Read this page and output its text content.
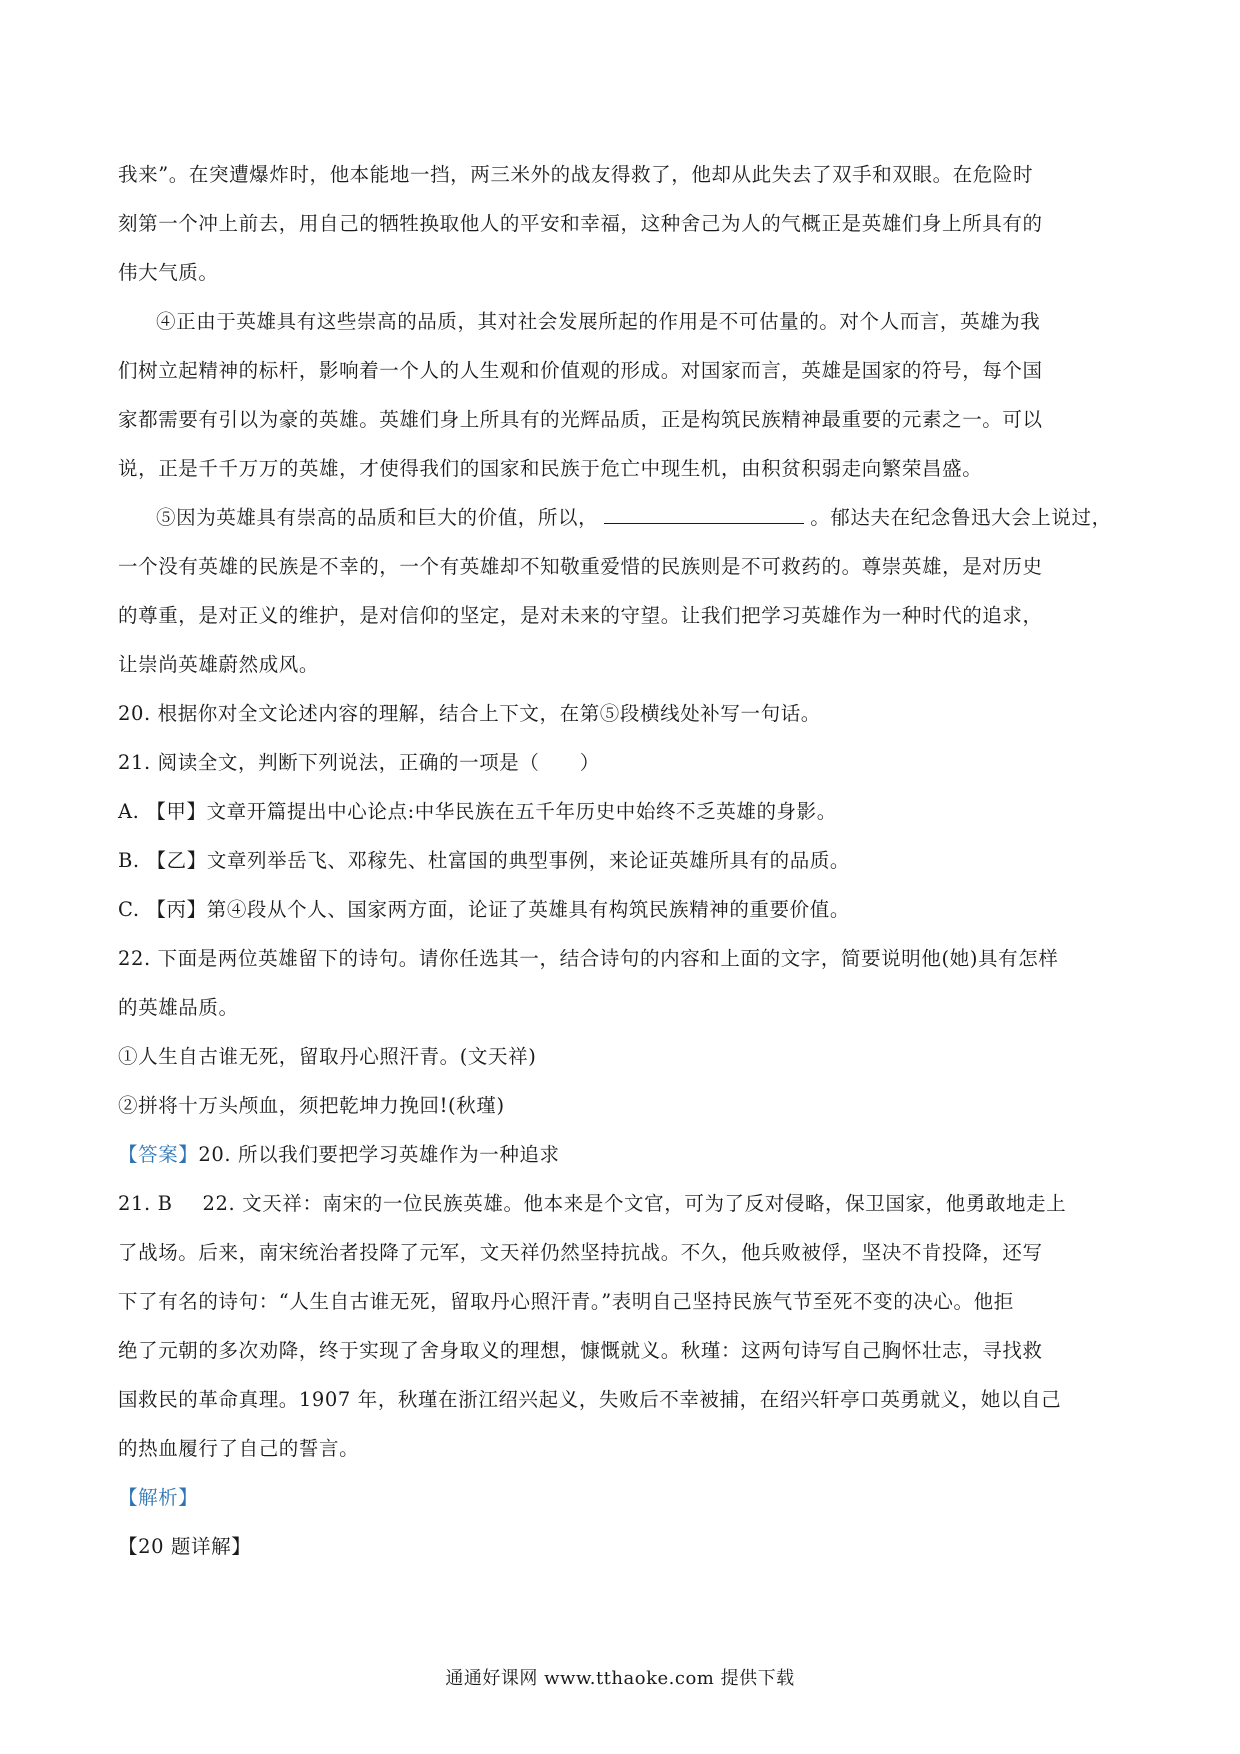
我来”。在突遭爆炸时，他本能地一挡，两三米外的战友得救了，他却从此失去了双手和双眼。在危险时
刻第一个冲上前去，用自己的牺牲换取他人的平安和幸福，这种舍己为人的气概正是英雄们身上所具有的
伟大气质。
④正由于英雄具有这些崇高的品质，其对社会发展所起的作用是不可估量的。对个人而言，英雄为我
们树立起精神的标杆，影响着一个人的人生观和价值观的形成。对国家而言，英雄是国家的符号，每个国
家都需要有引以为豪的英雄。英雄们身上所具有的光辉品质，正是构筑民族精神最重要的元素之一。可以
说，正是千千万万的英雄，才使得我们的国家和民族于危亡中现生机，由积贫积弱走向繁荣昌盛。
⑤因为英雄具有崇高的品质和巨大的价值，所以，	。郁达夫在纪念鲁迅大会上说过，
一个没有英雄的民族是不幸的，一个有英雄却不知敬重爱惜的民族则是不可救药的。尊崇英雄，是对历史
的尊重，是对正义的维护，是对信仰的坚定，是对未来的守望。让我们把学习英雄作为一种时代的追求，
让崇尚英雄蔚然成风。
20. 根据你对全文论述内容的理解，结合上下文，在第⑤段横线处补写一句话。
21. 阅读全文，判断下列说法，正确的一项是（　　）
A. 【甲】文章开篇提出中心论点:中华民族在五千年历史中始终不乏英雄的身影。
B. 【乙】文章列举岳飞、邓稼先、杜富国的典型事例，来论证英雄所具有的品质。
C. 【丙】第④段从个人、国家两方面，论证了英雄具有构筑民族精神的重要价值。
22. 下面是两位英雄留下的诗句。请你任选其一，结合诗句的内容和上面的文字，简要说明他(她)具有怎样
的英雄品质。
①人生自古谁无死，留取丹心照汗青。(文天祥)
②拼将十万头颅血，须把乾坤力挽回!(秋瑾)
【答案】20. 所以我们要把学习英雄作为一种追求
21. B 22. 文天祥：南宋的一位民族英雄。他本来是个文官，可为了反对侵略，保卫国家，他勇敢地走上
了战场。后来，南宋统治者投降了元军，文天祥仍然坚持抗战。不久，他兵败被俘，坚决不肯投降，还写
下了有名的诗句：“人生自古谁无死，留取丹心照汗青。”表明自己坚持民族气节至死不变的决心。他拒
绝了元朝的多次劝降，终于实现了舍身取义的理想，慷慨就义。秋瑾：这两句诗写自己胸怀壮志，寻找救
国救民的革命真理。1907 年，秋瑾在浙江绍兴起义，失败后不幸被捕，在绍兴轩亭口英勇就义，她以自己
的热血履行了自己的誓言。
【解析】
【20 题详解】
通通好课网 www.tthaoke.com 提供下载
